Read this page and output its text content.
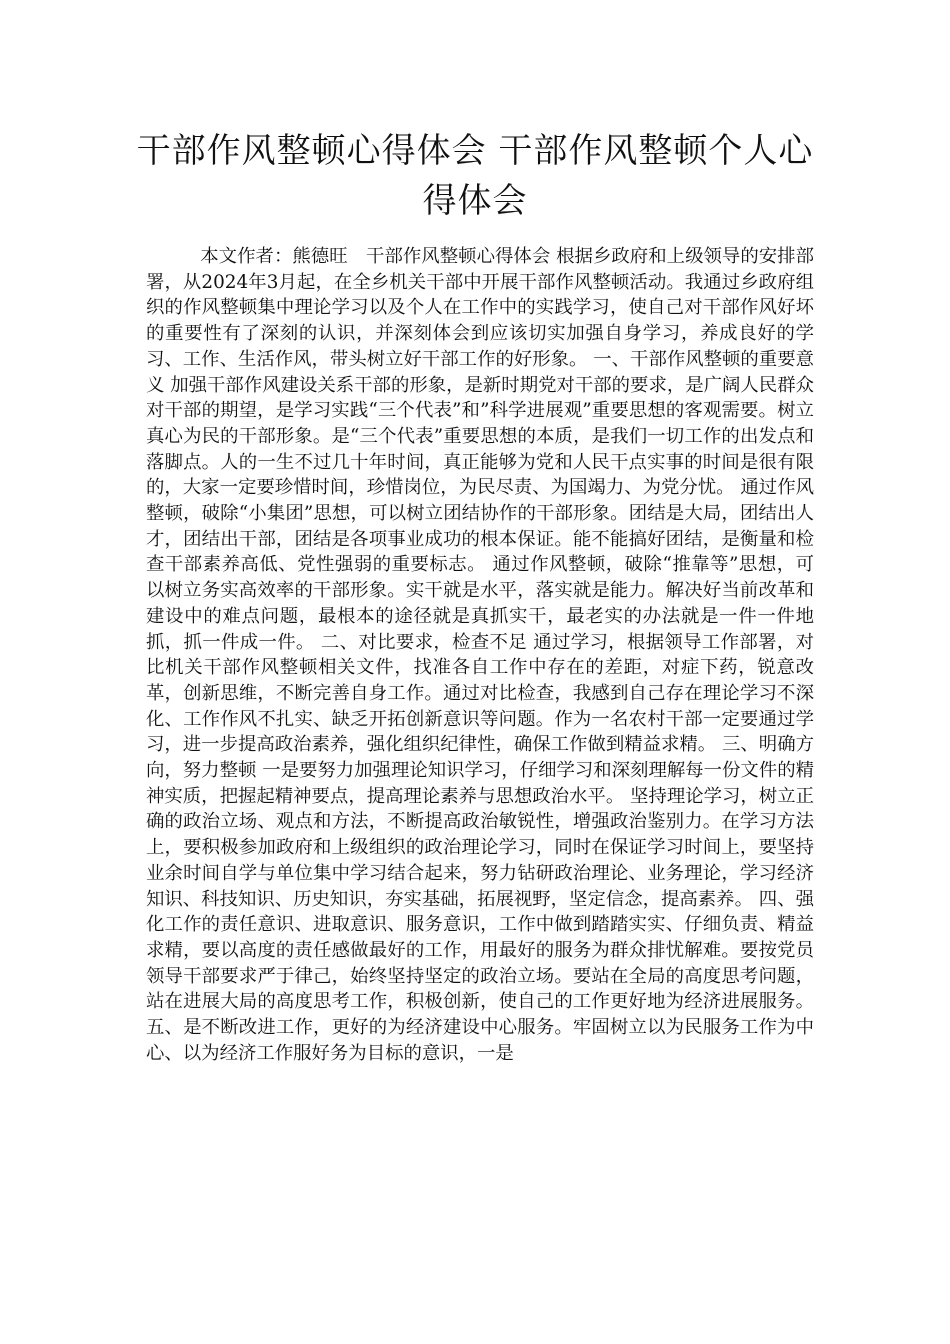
干部作风整顿心得体会 干部作风整顿个人心得体会

本文作者：熊德旺　干部作风整顿心得体会 根据乡政府和上级领导的安排部署，从2024年3月起，在全乡机关干部中开展干部作风整顿活动。我通过乡政府组织的作风整顿集中理论学习以及个人在工作中的实践学习，使自己对干部作风好坏的重要性有了深刻的认识，并深刻体会到应该切实加强自身学习，养成良好的学习、工作、生活作风，带头树立好干部工作的好形象。 一、干部作风整顿的重要意义 加强干部作风建设关系干部的形象，是新时期党对干部的要求，是广阔人民群众对干部的期望，是学习实践“三个代表”和”科学进展观”重要思想的客观需要。树立真心为民的干部形象。是“三个代表”重要思想的本质，是我们一切工作的出发点和落脚点。人的一生不过几十年时间，真正能够为党和人民干点实事的时间是很有限的，大家一定要珍惜时间，珍惜岗位，为民尽责、为国竭力、为党分忧。 通过作风整顿，破除“小集团”思想，可以树立团结协作的干部形象。团结是大局，团结出人才，团结出干部，团结是各项事业成功的根本保证。能不能搞好团结，是衡量和检查干部素养高低、党性强弱的重要标志。 通过作风整顿，破除“推靠等”思想，可以树立务实高效率的干部形象。实干就是水平，落实就是能力。解决好当前改革和建设中的难点问题，最根本的途径就是真抓实干，最老实的办法就是一件一件地抓，抓一件成一件。 二、对比要求，检查不足 通过学习，根据领导工作部署，对比机关干部作风整顿相关文件，找准各自工作中存在的差距，对症下药，锐意改革，创新思维，不断完善自身工作。通过对比检查，我感到自己存在理论学习不深化、工作作风不扎实、缺乏开拓创新意识等问题。作为一名农村干部一定要通过学习，进一步提高政治素养，强化组织纪律性，确保工作做到精益求精。 三、明确方向，努力整顿 一是要努力加强理论知识学习，仔细学习和深刻理解每一份文件的精神实质，把握起精神要点，提高理论素养与思想政治水平。 坚持理论学习，树立正确的政治立场、观点和方法，不断提高政治敏锐性，增强政治鉴别力。在学习方法上，要积极参加政府和上级组织的政治理论学习，同时在保证学习时间上，要坚持业余时间自学与单位集中学习结合起来，努力钻研政治理论、业务理论，学习经济知识、科技知识、历史知识，夯实基础，拓展视野，坚定信念，提高素养。 四、强化工作的责任意识、进取意识、服务意识，工作中做到踏踏实实、仔细负责、精益求精，要以高度的责任感做最好的工作，用最好的服务为群众排忧解难。要按党员领导干部要求严于律己，始终坚持坚定的政治立场。要站在全局的高度思考问题，站在进展大局的高度思考工作，积极创新，使自己的工作更好地为经济进展服务。 五、是不断改进工作，更好的为经济建设中心服务。牢固树立以为民服务工作为中心、以为经济工作服好务为目标的意识，一是
